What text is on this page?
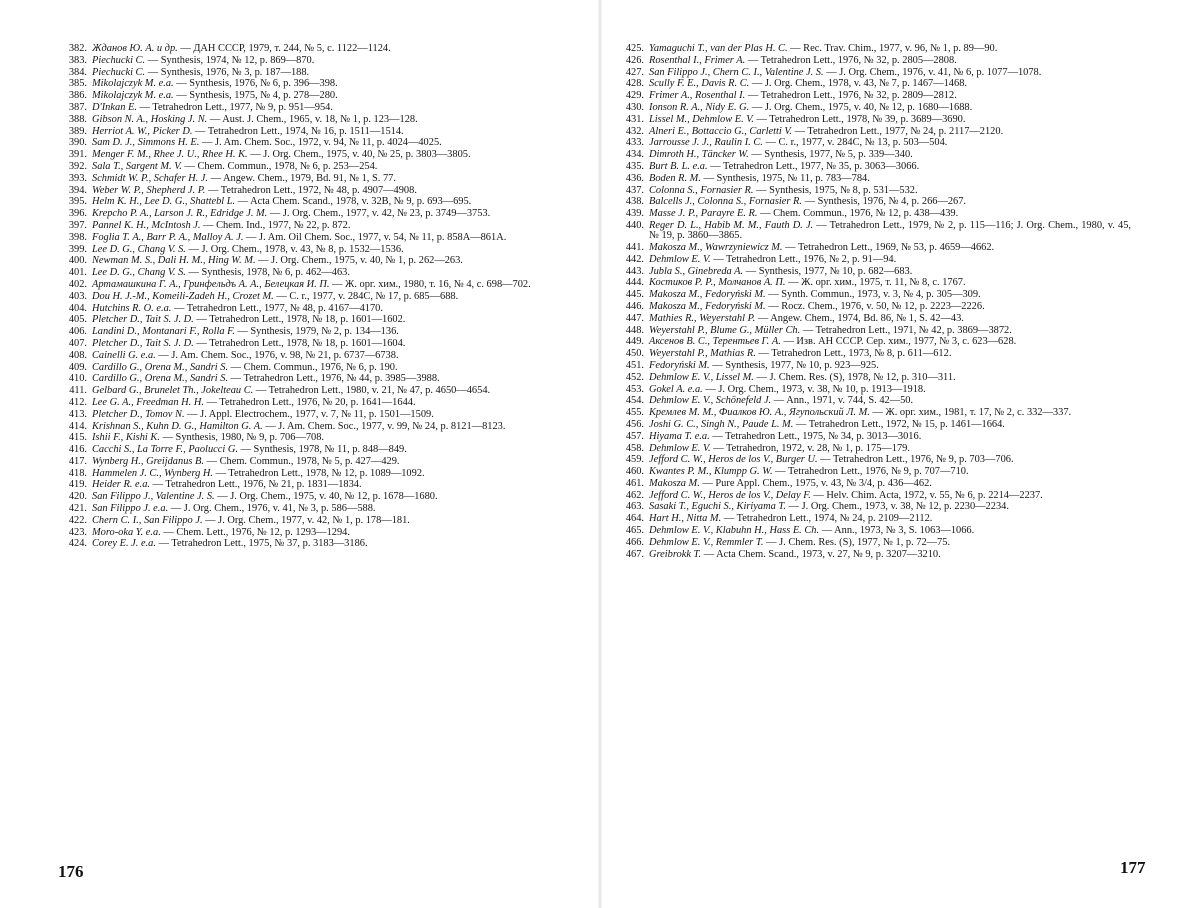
382. Жданов Ю. А. и др. — ДАН СССР, 1979, т. 244, № 5, с. 1122—1124.
383. Piechucki C. — Synthesis, 1974, № 12, p. 869—870.
384. Piechucki C. — Synthesis, 1976, № 3, p. 187—188.
385. Mikolajczyk M. e.a. — Synthesis, 1976, № 6, p. 396—398.
386. Mikolajczyk M. e.a. — Synthesis, 1975, № 4, p. 278—280.
387. D'Inkan E. — Tetrahedron Lett., 1977, № 9, p. 951—954.
388. Gibson N. A., Hosking J. N. — Aust. J. Chem., 1965, v. 18, № 1, p. 123—128.
389. Herriot A. W., Picker D. — Tetrahedron Lett., 1974, № 16, p. 1511—1514.
390. Sam D. J., Simmons H. E. — J. Am. Chem. Soc., 1972, v. 94, № 11, p. 4024—4025.
391. Menger F. M., Rhee J. U., Rhee H. K. — J. Org. Chem., 1975, v. 40, № 25, p. 3803—3805.
392. Sala T., Sargent M. V. — Chem. Commun., 1978, № 6, p. 253—254.
393. Schmidt W. P., Schafer H. J. — Angew. Chem., 1979, Bd. 91, № 1, S. 77.
394. Weber W. P., Shepherd J. P. — Tetrahedron Lett., 1972, № 48, p. 4907—4908.
395. Helm K. H., Lee D. G., Shattebl L. — Acta Chem. Scand., 1978, v. 32B, № 9, p. 693—695.
396. Krepcho P. A., Larson J. R., Edridge J. M. — J. Org. Chem., 1977, v. 42, № 23, p. 3749—3753.
397. Pannel K. H., McIntosh J. — Chem. Ind., 1977, № 22, p. 872.
398. Foglia T. A., Barr P. A., Malloy A. J. — J. Am. Oil Chem. Soc., 1977, v. 54, № 11, p. 858A—861A.
399. Lee D. G., Chang V. S. — J. Org. Chem., 1978, v. 43, № 8, p. 1532—1536.
400. Newman M. S., Dali H. M., Hing W. M. — J. Org. Chem., 1975, v. 40, № 1, p. 262—263.
401. Lee D. G., Chang V. S. — Synthesis, 1978, № 6, p. 462—463.
402. Артамашкина Г. А., Гринфельдъ А. А., Белецкая И. П. — Ж. орг. хим., 1980, т. 16, № 4, с. 698—702.
403. Dou H. J.-M., Komeili-Zadeh H., Crozet M. — C. r., 1977, v. 284C, № 17, p. 685—688.
404. Hutchins R. O. e.a. — Tetrahedron Lett., 1977, № 48, p. 4167—4170.
405. Pletcher D., Tait S. J. D. — Tetrahedron Lett., 1978, № 18, p. 1601—1602.
406. Landini D., Montanari F., Rolla F. — Synthesis, 1979, № 2, p. 134—136.
407. Pletcher D., Tait S. J. D. — Tetrahedron Lett., 1978, № 18, p. 1601—1604.
408. Cainelli G. e.a. — J. Am. Chem. Soc., 1976, v. 98, № 21, p. 6737—6738.
409. Cardillo G., Orena M., Sandri S. — Chem. Commun., 1976, № 6, p. 190.
410. Cardillo G., Orena M., Sandri S. — Tetrahedron Lett., 1976, № 44, p. 3985—3988.
411. Gelbard G., Brunelet Th., Jokelteau C. — Tetrahedron Lett., 1980, v. 21, № 47, p. 4650—4654.
412. Lee G. A., Freedman H. H. — Tetrahedron Lett., 1976, № 20, p. 1641—1644.
413. Pletcher D., Tomov N. — J. Appl. Electrochem., 1977, v. 7, № 11, p. 1501—1509.
414. Krishnan S., Kuhn D. G., Hamilton G. A. — J. Am. Chem. Soc., 1977, v. 99, № 24, p. 8121—8123.
415. Ishii F., Kishi K. — Synthesis, 1980, № 9, p. 706—708.
416. Cacchi S., La Torre F., Paolucci G. — Synthesis, 1978, № 11, p. 848—849.
417. Wynberg H., Greijdanus B. — Chem. Commun., 1978, № 5, p. 427—429.
418. Hammelen J. C., Wynberg H. — Tetrahedron Lett., 1978, № 12, p. 1089—1092.
419. Heider R. e.a. — Tetrahedron Lett., 1976, № 21, p. 1831—1834.
420. San Filippo J., Valentine J. S. — J. Org. Chem., 1975, v. 40, № 12, p. 1678—1680.
421. San Filippo J. e.a. — J. Org. Chem., 1976, v. 41, № 3, p. 586—588.
422. Chern C. I., San Filippo J. — J. Org. Chem., 1977, v. 42, № 1, p. 178—181.
423. Moro-oka Y. e.a. — Chem. Lett., 1976, № 12, p. 1293—1294.
424. Corey E. J. e.a. — Tetrahedron Lett., 1975, № 37, p. 3183—3186.
176
425. Yamaguchi T., van der Plas H. C. — Rec. Trav. Chim., 1977, v. 96, № 1, p. 89—90.
426. Rosenthal I., Frimer A. — Tetrahedron Lett., 1976, № 32, p. 2805—2808.
427. San Filippo J., Chern C. I., Valentine J. S. — J. Org. Chem., 1976, v. 41, № 6, p. 1077—1078.
428. Scully F. E., Davis R. C. — J. Org. Chem., 1978, v. 43, № 7, p. 1467—1468.
429. Frimer A., Rosenthal I. — Tetrahedron Lett., 1976, № 32, p. 2809—2812.
430. Ionson R. A., Nidy E. G. — J. Org. Chem., 1975, v. 40, № 12, p. 1680—1688.
431. Lissel M., Dehmlow E. V. — Tetrahedron Lett., 1978, № 39, p. 3689—3690.
432. Alneri E., Bottaccio G., Carletti V. — Tetrahedron Lett., 1977, № 24, p. 2117—2120.
433. Jarrousse J. J., Raulin I. C. — C. r., 1977, v. 284C, № 13, p. 503—504.
434. Dimroth H., Täncker W. — Synthesis, 1977, № 5, p. 339—340.
435. Burt B. L. e.a. — Tetrahedron Lett., 1977, № 35, p. 3063—3066.
436. Boden R. M. — Synthesis, 1975, № 11, p. 783—784.
437. Colonna S., Fornasier R. — Synthesis, 1975, № 8, p. 531—532.
438. Balcells J., Colonna S., Fornasier R. — Synthesis, 1976, № 4, p. 266—267.
439. Masse J. P., Parayre E. R. — Chem. Commun., 1976, № 12, p. 438—439.
440. Reger D. L., Habib M. M., Fauth D. J. — Tetrahedron Lett., 1979, № 2, p. 115—116; J. Org. Chem., 1980, v. 45, № 19, p. 3860—3865.
441. Makosza M., Wawrzyniewicz M. — Tetrahedron Lett., 1969, № 53, p. 4659—4662.
442. Dehmlow E. V. — Tetrahedron Lett., 1976, № 2, p. 91—94.
443. Jubla S., Ginebreda A. — Synthesis, 1977, № 10, p. 682—683.
444. Костиков Р. Р., Молчанов А. П. — Ж. орг. хим., 1975, т. 11, № 8, с. 1767.
445. Makosza M., Fedoryński M. — Synth. Commun., 1973, v. 3, № 4, p. 305—309.
446. Makosza M., Fedoryński M. — Rocz. Chem., 1976, v. 50, № 12, p. 2223—2226.
447. Mathies R., Weyerstahl P. — Angew. Chem., 1974, Bd. 86, № 1, S. 42—43.
448. Weyerstahl P., Blume G., Müller Ch. — Tetrahedron Lett., 1971, № 42, p. 3869—3872.
449. Аксенов В. С., Терентьев Г. А. — Изв. АН СССР. Сер. хим., 1977, № 3, с. 623—628.
450. Weyerstahl P., Mathias R. — Tetrahedron Lett., 1973, № 8, p. 611—612.
451. Fedoryński M. — Synthesis, 1977, № 10, p. 923—925.
452. Dehmlow E. V., Lissel M. — J. Chem. Res. (S), 1978, № 12, p. 310—311.
453. Gokel A. e.a. — J. Org. Chem., 1973, v. 38, № 10, p. 1913—1918.
454. Dehmlow E. V., Schönefeld J. — Ann., 1971, v. 744, S. 42—50.
455. Кремлев М. М., Фиалков Ю. А., Ягупольский Л. М. — Ж. орг. хим., 1981, т. 17, № 2, с. 332—337.
456. Joshi G. C., Singh N., Paude L. M. — Tetrahedron Lett., 1972, № 15, p. 1461—1664.
457. Hiyama T. e.a. — Tetrahedron Lett., 1975, № 34, p. 3013—3016.
458. Dehmlow E. V. — Tetrahedron, 1972, v. 28, № 1, p. 175—179.
459. Jefford C. W., Heros de los V., Burger U. — Tetrahedron Lett., 1976, № 9, p. 703—706.
460. Kwantes P. M., Klumpp G. W. — Tetrahedron Lett., 1976, № 9, p. 707—710.
461. Makosza M. — Pure Appl. Chem., 1975, v. 43, № 3/4, p. 436—462.
462. Jefford C. W., Heros de los V., Delay F. — Helv. Chim. Acta, 1972, v. 55, № 6, p. 2214—2237.
463. Sasaki T., Eguchi S., Kiriyama T. — J. Org. Chem., 1973, v. 38, № 12, p. 2230—2234.
464. Hart H., Nitta M. — Tetrahedron Lett., 1974, № 24, p. 2109—2112.
465. Dehmlow E. V., Klabuhn H., Hass E. Ch. — Ann., 1973, № 3, S. 1063—1066.
466. Dehmlow E. V., Remmler T. — J. Chem. Res. (S), 1977, № 1, p. 72—75.
467. Greibrokk T. — Acta Chem. Scand., 1973, v. 27, № 9, p. 3207—3210.
177
